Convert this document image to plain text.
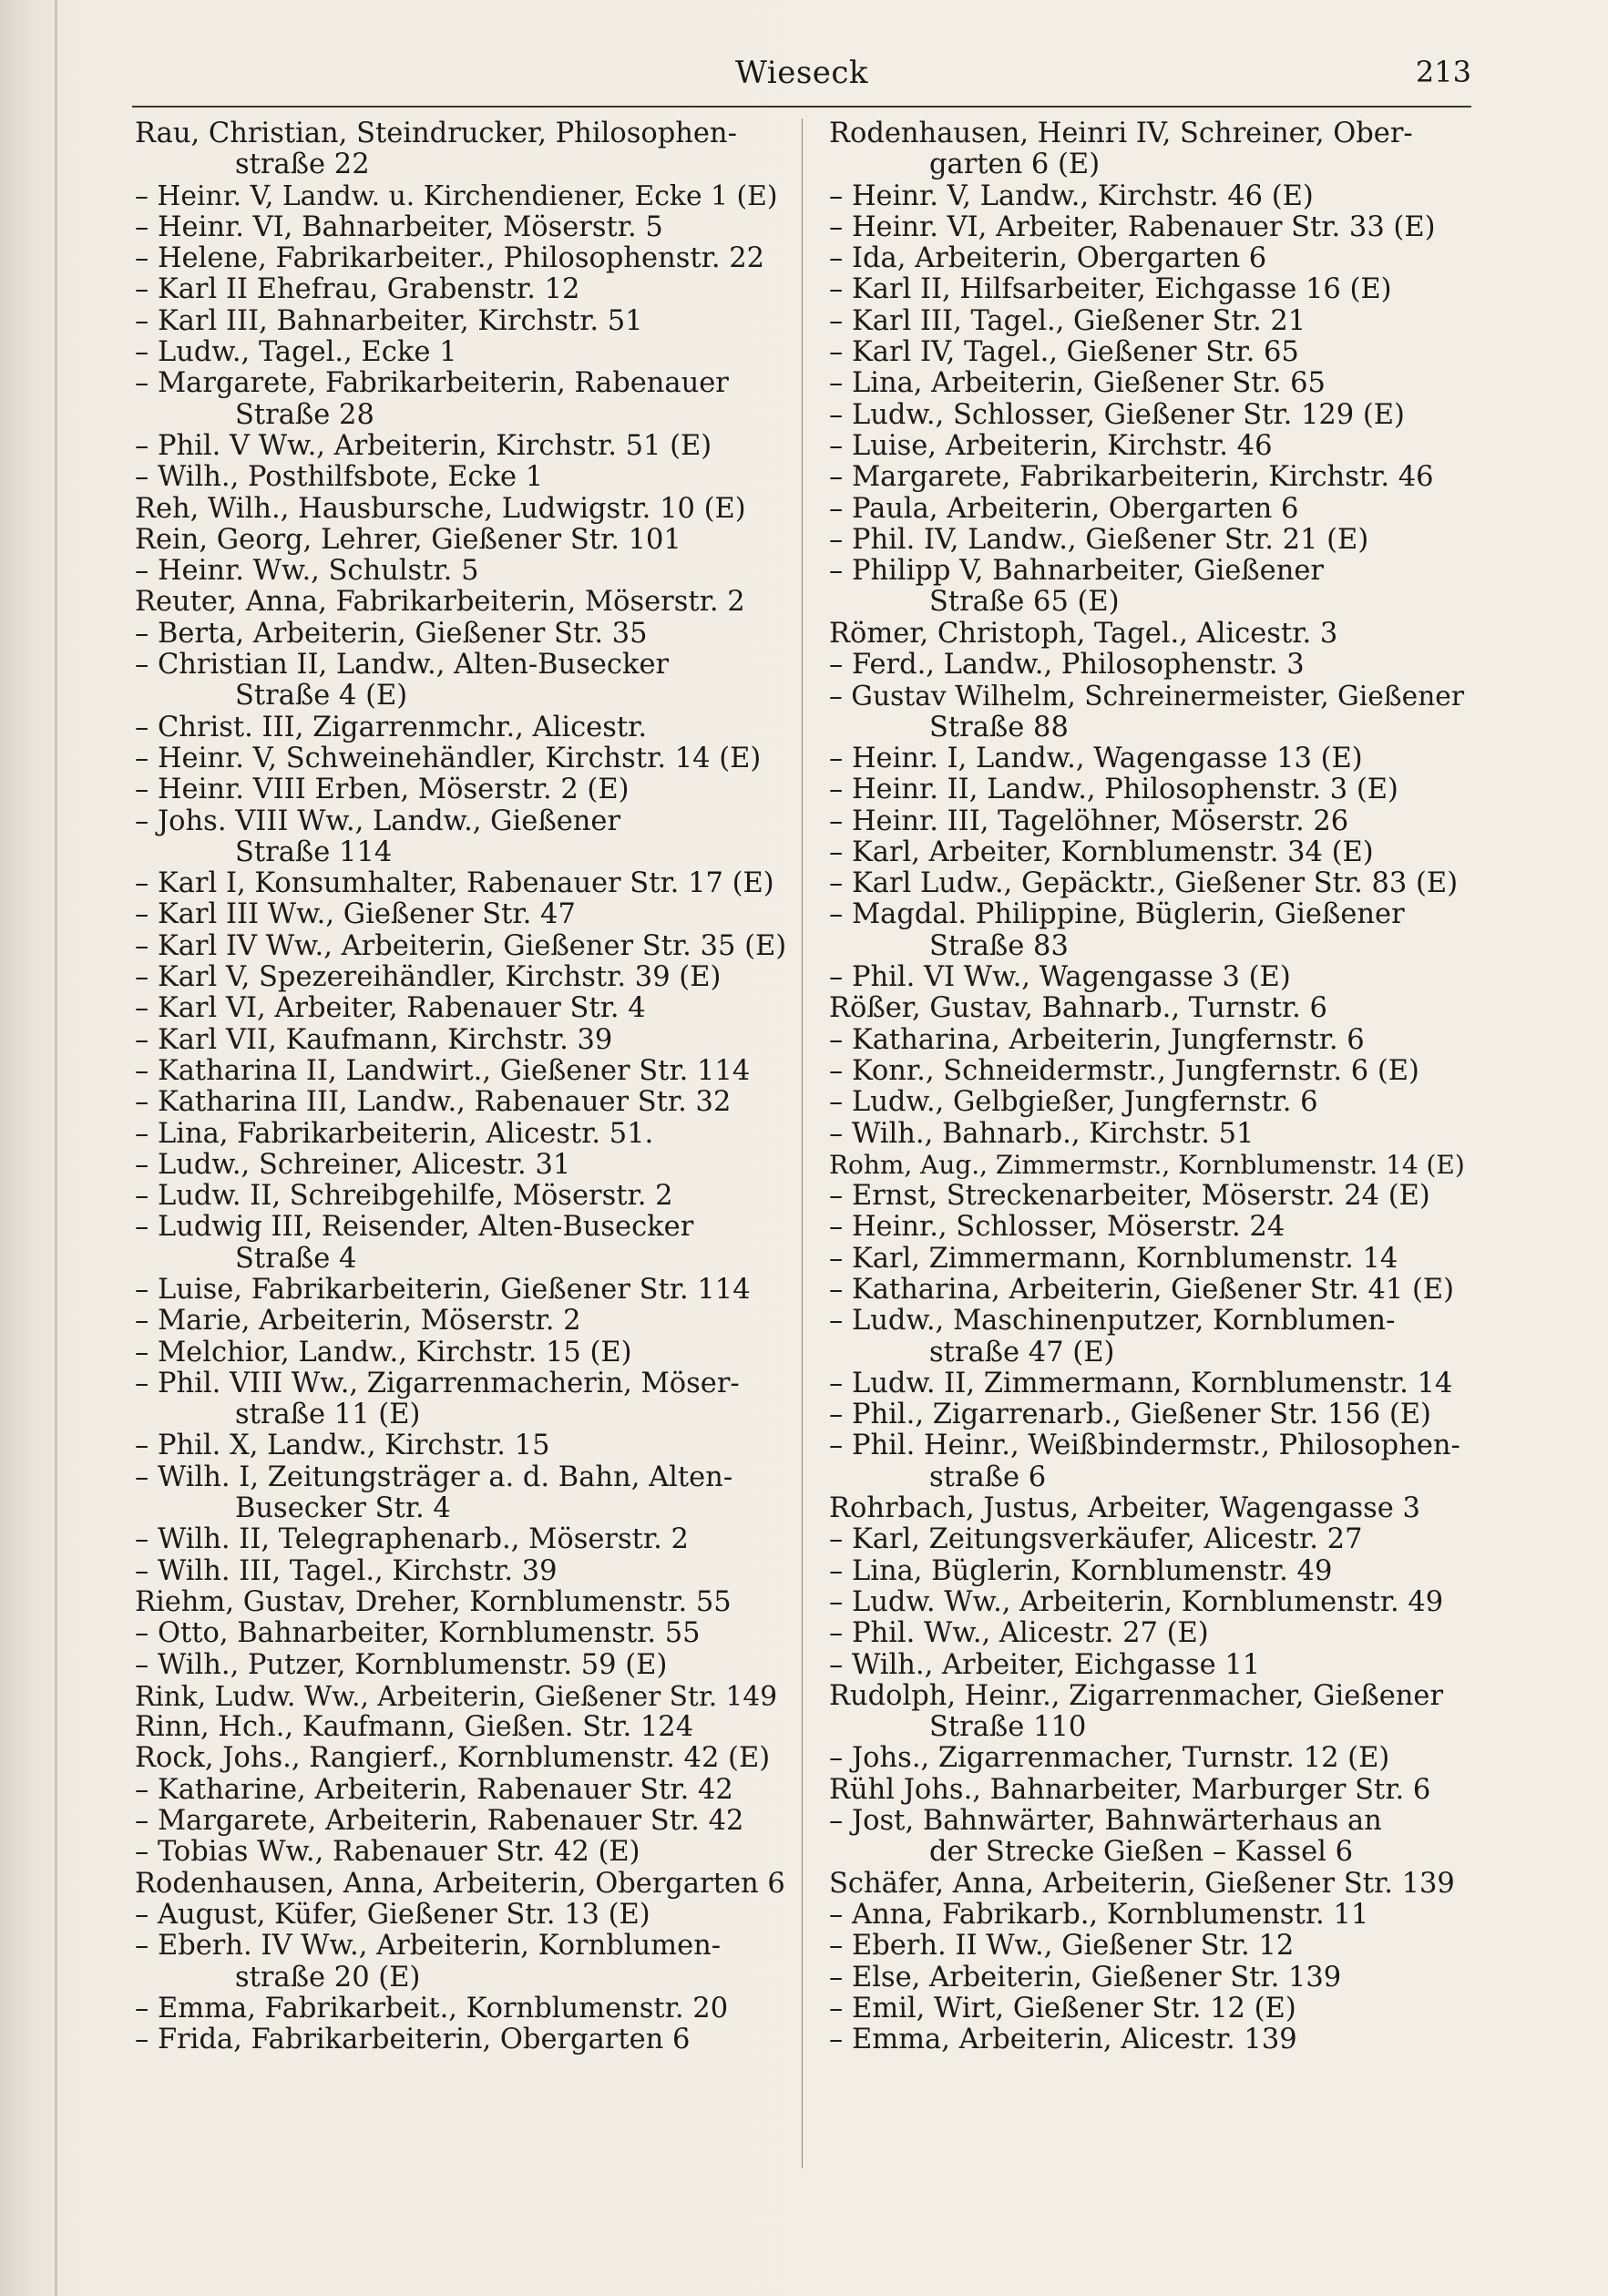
Wieseck	213
Rau, Christian, Steindrucker, Philosophen-
straße 22
– Heinr. V, Landw. u. Kirchendiener, Ecke 1 (E)
– Heinr. VI, Bahnarbeiter, Möserstr. 5
– Helene, Fabrikarbeiter., Philosophenstr. 22
– Karl II Ehefrau, Grabenstr. 12
– Karl III, Bahnarbeiter, Kirchstr. 51
– Ludw., Tagel., Ecke 1
– Margarete, Fabrikarbeiterin, Rabenauer
Straße 28
– Phil. V Ww., Arbeiterin, Kirchstr. 51 (E)
– Wilh., Posthilfsbote, Ecke 1
Reh, Wilh., Hausbursche, Ludwigstr. 10 (E)
Rein, Georg, Lehrer, Gießener Str. 101
– Heinr. Ww., Schulstr. 5
Reuter, Anna, Fabrikarbeiterin, Möserstr. 2
– Berta, Arbeiterin, Gießener Str. 35
– Christian II, Landw., Alten-Busecker
Straße 4 (E)
– Christ. III, Zigarrenmchr., Alicestr.
– Heinr. V, Schweinehändler, Kirchstr. 14 (E)
– Heinr. VIII Erben, Möserstr. 2 (E)
– Johs. VIII Ww., Landw., Gießener
Straße 114
– Karl I, Konsumhalter, Rabenauer Str. 17 (E)
– Karl III Ww., Gießener Str. 47
– Karl IV Ww., Arbeiterin, Gießener Str. 35 (E)
– Karl V, Spezereihändler, Kirchstr. 39 (E)
– Karl VI, Arbeiter, Rabenauer Str. 4
– Karl VII, Kaufmann, Kirchstr. 39
– Katharina II, Landwirt., Gießener Str. 114
– Katharina III, Landw., Rabenauer Str. 32
– Lina, Fabrikarbeiterin, Alicestr. 51.
– Ludw., Schreiner, Alicestr. 31
– Ludw. II, Schreibgehilfe, Möserstr. 2
– Ludwig III, Reisender, Alten-Busecker
Straße 4
– Luise, Fabrikarbeiterin, Gießener Str. 114
– Marie, Arbeiterin, Möserstr. 2
– Melchior, Landw., Kirchstr. 15 (E)
– Phil. VIII Ww., Zigarrenmacherin, Möser-
straße 11 (E)
– Phil. X, Landw., Kirchstr. 15
– Wilh. I, Zeitungsträger a. d. Bahn, Alten-
Busecker Str. 4
– Wilh. II, Telegraphenarb., Möserstr. 2
– Wilh. III, Tagel., Kirchstr. 39
Riehm, Gustav, Dreher, Kornblumenstr. 55
– Otto, Bahnarbeiter, Kornblumenstr. 55
– Wilh., Putzer, Kornblumenstr. 59 (E)
Rink, Ludw. Ww., Arbeiterin, Gießener Str. 149
Rinn, Hch., Kaufmann, Gießen. Str. 124
Rock, Johs., Rangierf., Kornblumenstr. 42 (E)
– Katharine, Arbeiterin, Rabenauer Str. 42
– Margarete, Arbeiterin, Rabenauer Str. 42
– Tobias Ww., Rabenauer Str. 42 (E)
Rodenhausen, Anna, Arbeiterin, Obergarten 6
– August, Küfer, Gießener Str. 13 (E)
– Eberh. IV Ww., Arbeiterin, Kornblumen-
straße 20 (E)
– Emma, Fabrikarbeit., Kornblumenstr. 20
– Frida, Fabrikarbeiterin, Obergarten 6
Rodenhausen, Heinri IV, Schreiner, Ober-
garten 6 (E)
– Heinr. V, Landw., Kirchstr. 46 (E)
– Heinr. VI, Arbeiter, Rabenauer Str. 33 (E)
– Ida, Arbeiterin, Obergarten 6
– Karl II, Hilfsarbeiter, Eichgasse 16 (E)
– Karl III, Tagel., Gießener Str. 21
– Karl IV, Tagel., Gießener Str. 65
– Lina, Arbeiterin, Gießener Str. 65
– Ludw., Schlosser, Gießener Str. 129 (E)
– Luise, Arbeiterin, Kirchstr. 46
– Margarete, Fabrikarbeiterin, Kirchstr. 46
– Paula, Arbeiterin, Obergarten 6
– Phil. IV, Landw., Gießener Str. 21 (E)
– Philipp V, Bahnarbeiter, Gießener
Straße 65 (E)
Römer, Christoph, Tagel., Alicestr. 3
– Ferd., Landw., Philosophenstr. 3
– Gustav Wilhelm, Schreinermeister, Gießener
Straße 88
– Heinr. I, Landw., Wagengasse 13 (E)
– Heinr. II, Landw., Philosophenstr. 3 (E)
– Heinr. III, Tagelöhner, Möserstr. 26
– Karl, Arbeiter, Kornblumenstr. 34 (E)
– Karl Ludw., Gepäcktr., Gießener Str. 83 (E)
– Magdal. Philippine, Büglerin, Gießener
Straße 83
– Phil. VI Ww., Wagengasse 3 (E)
Rößer, Gustav, Bahnarb., Turnstr. 6
– Katharina, Arbeiterin, Jungfernstr. 6
– Konr., Schneidermstr., Jungfernstr. 6 (E)
– Ludw., Gelbgießer, Jungfernstr. 6
– Wilh., Bahnarb., Kirchstr. 51
Rohm, Aug., Zimmermstr., Kornblumenstr. 14 (E)
– Ernst, Streckenarbeiter, Möserstr. 24 (E)
– Heinr., Schlosser, Möserstr. 24
– Karl, Zimmermann, Kornblumenstr. 14
– Katharina, Arbeiterin, Gießener Str. 41 (E)
– Ludw., Maschinenputzer, Kornblumen-
straße 47 (E)
– Ludw. II, Zimmermann, Kornblumenstr. 14
– Phil., Zigarrenarb., Gießener Str. 156 (E)
– Phil. Heinr., Weißbindermstr., Philosophen-
straße 6
Rohrbach, Justus, Arbeiter, Wagengasse 3
– Karl, Zeitungsverkäufer, Alicestr. 27
– Lina, Büglerin, Kornblumenstr. 49
– Ludw. Ww., Arbeiterin, Kornblumenstr. 49
– Phil. Ww., Alicestr. 27 (E)
– Wilh., Arbeiter, Eichgasse 11
Rudolph, Heinr., Zigarrenmacher, Gießener
Straße 110
– Johs., Zigarrenmacher, Turnstr. 12 (E)
Rühl Johs., Bahnarbeiter, Marburger Str. 6
– Jost, Bahnwärter, Bahnwärterhaus an
der Strecke Gießen – Kassel 6
Schäfer, Anna, Arbeiterin, Gießener Str. 139
– Anna, Fabrikarb., Kornblumenstr. 11
– Eberh. II Ww., Gießener Str. 12
– Else, Arbeiterin, Gießener Str. 139
– Emil, Wirt, Gießener Str. 12 (E)
– Emma, Arbeiterin, Alicestr. 139
